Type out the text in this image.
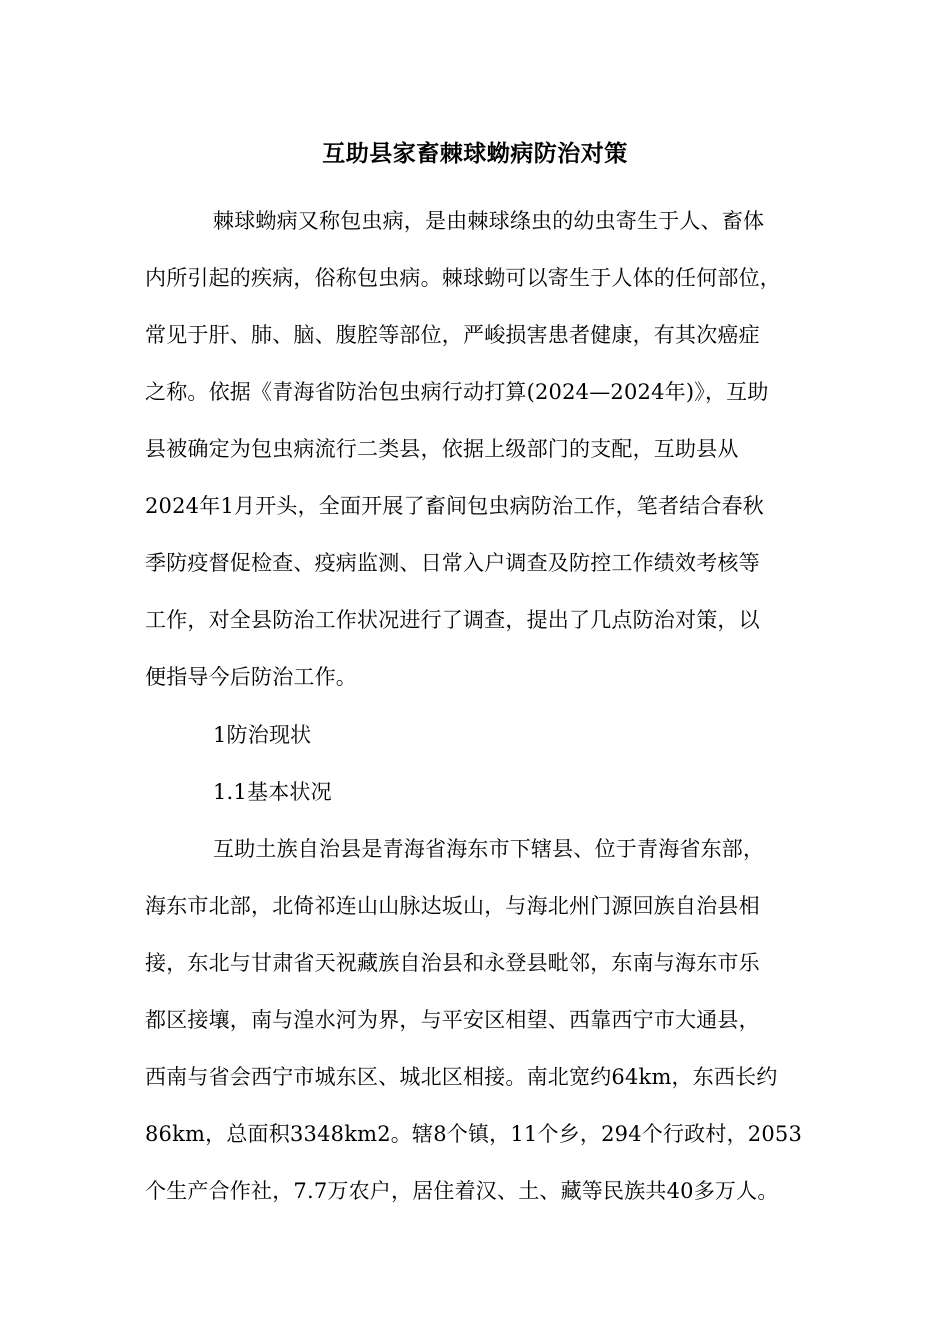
互助县家畜棘球蚴病防治对策
棘球蚴病又称包虫病，是由棘球绦虫的幼虫寄生于人、畜体
内所引起的疾病，俗称包虫病。棘球蚴可以寄生于人体的任何部位，
常见于肝、肺、脑、腹腔等部位，严峻损害患者健康，有其次癌症
之称。依据《青海省防治包虫病行动打算(2024—2024年)》，互助
县被确定为包虫病流行二类县，依据上级部门的支配，互助县从
2024年1月开头，全面开展了畜间包虫病防治工作，笔者结合春秋
季防疫督促检查、疫病监测、日常入户调查及防控工作绩效考核等
工作，对全县防治工作状况进行了调查，提出了几点防治对策，以
便指导今后防治工作。
1防治现状
1.1基本状况
互助土族自治县是青海省海东市下辖县、位于青海省东部，
海东市北部，北倚祁连山山脉达坂山，与海北州门源回族自治县相
接，东北与甘肃省天祝藏族自治县和永登县毗邻，东南与海东市乐
都区接壤，南与湟水河为界，与平安区相望、西靠西宁市大通县，
西南与省会西宁市城东区、城北区相接。南北宽约64km，东西长约
86km，总面积3348km2。辖8个镇，11个乡，294个行政村，2053
个生产合作社，7.7万农户，居住着汉、土、藏等民族共40多万人。
